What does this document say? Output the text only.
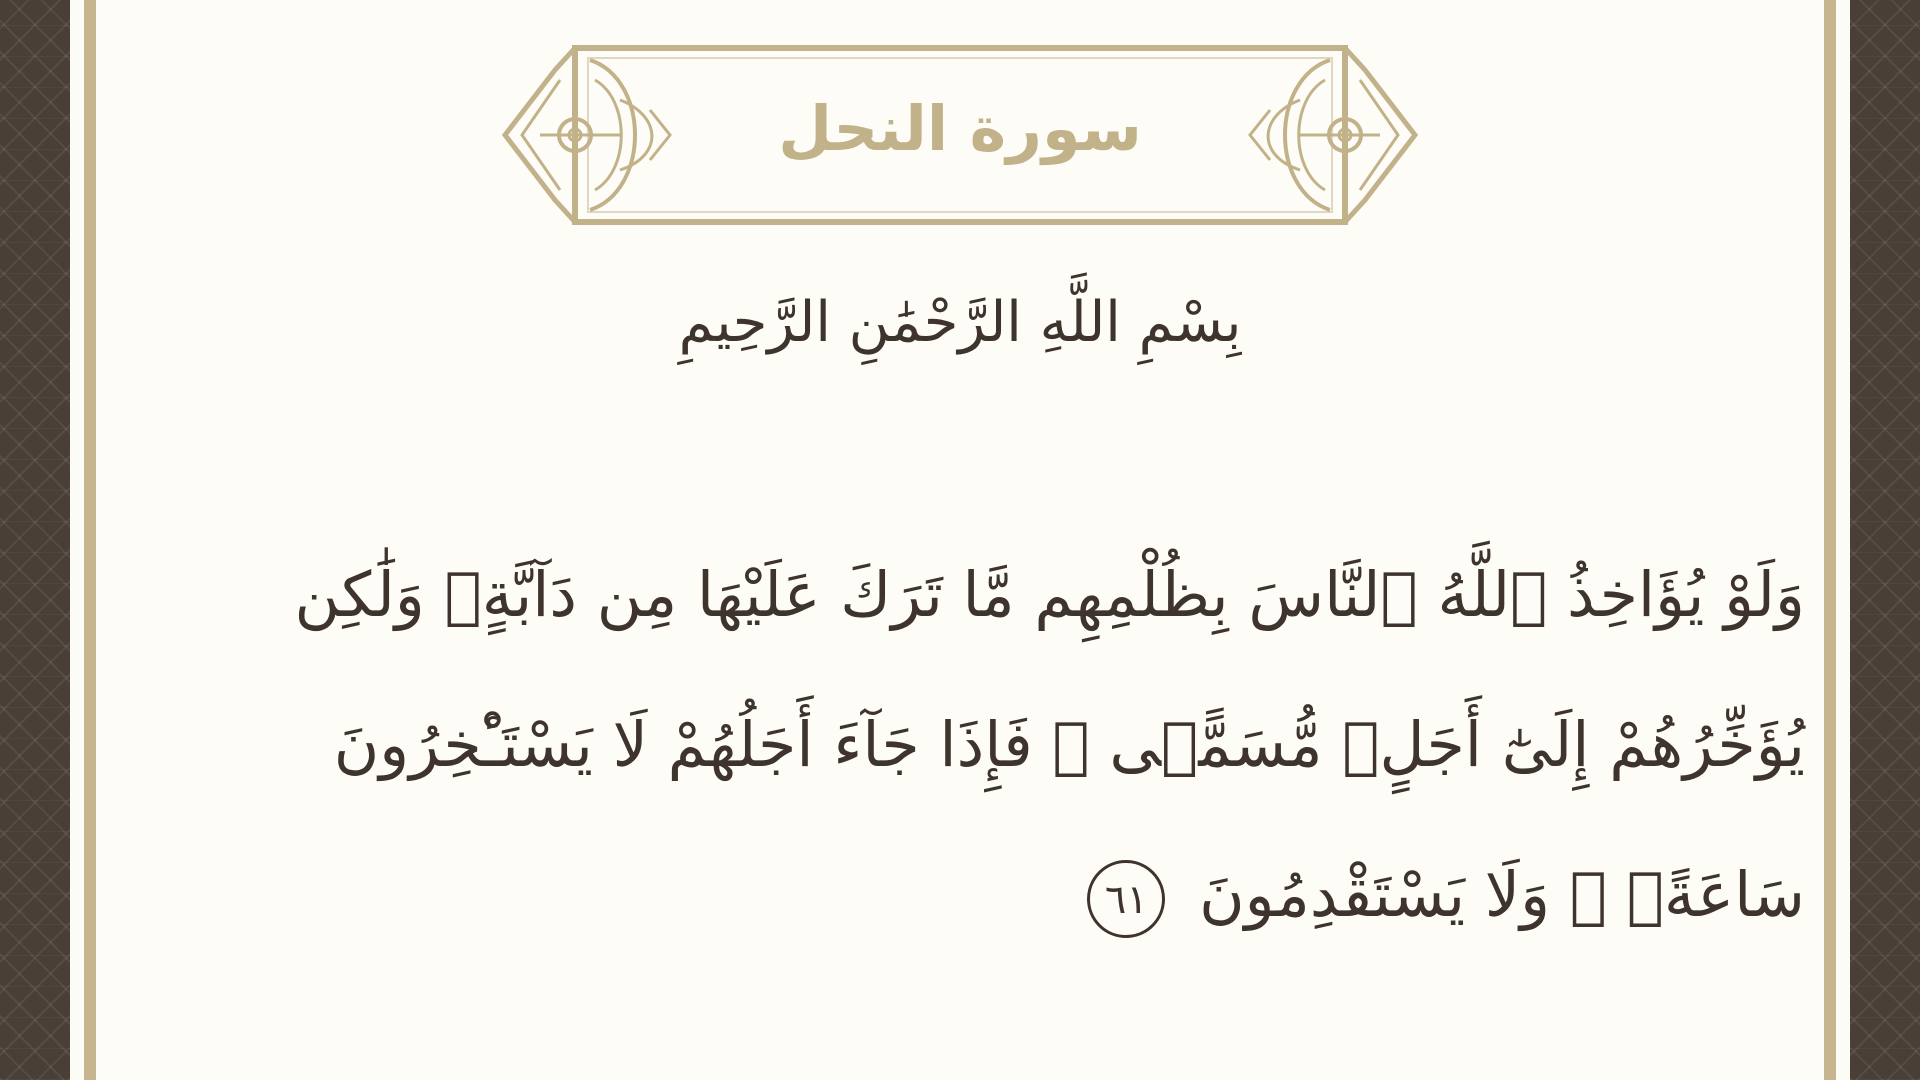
سورة النحل
بِسْمِ اللَّهِ الرَّحْمَٰنِ الرَّحِيمِ
وَلَوْ يُؤَاخِذُ ٱللَّهُ ٱلنَّاسَ بِظُلْمِهِم مَّا تَرَكَ عَلَيْهَا مِن دَآبَّةٍۢ وَلَٰكِن يُؤَخِّرُهُمْ إِلَىٰٓ أَجَلٍۢ مُّسَمًّۭى ۖ فَإِذَا جَآءَ أَجَلُهُمْ لَا يَسْتَـْٔخِرُونَ سَاعَةًۭ ۖ وَلَا يَسْتَقْدِمُونَ ٦١
